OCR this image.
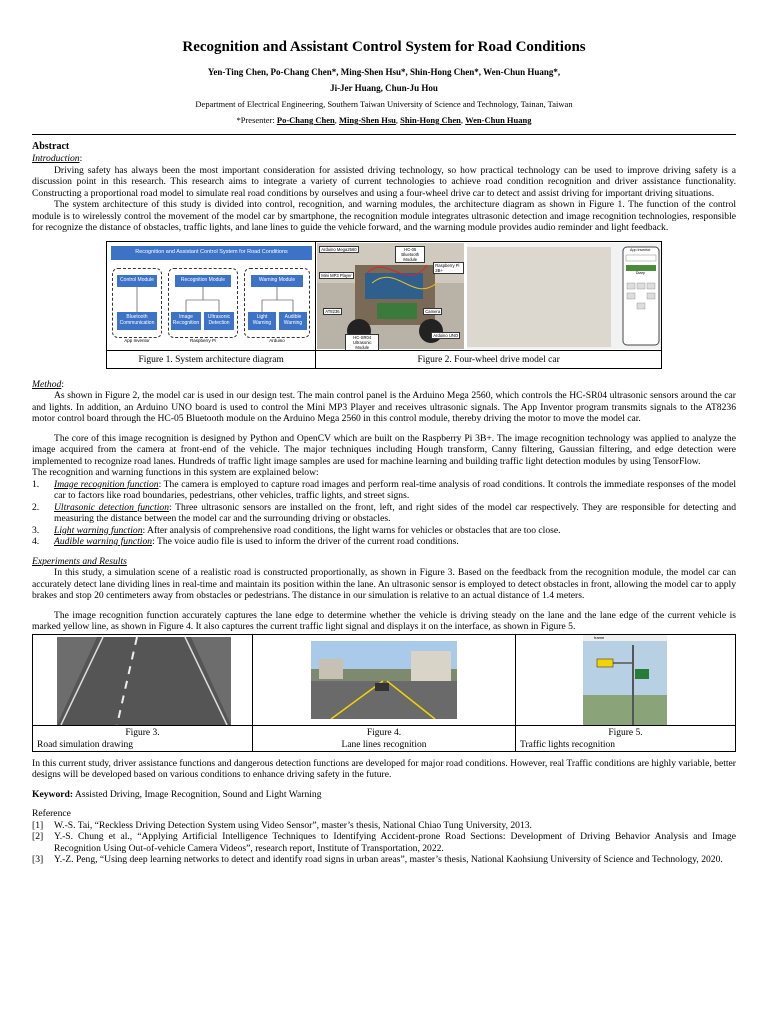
Recognition and Assistant Control System for Road Conditions
Yen-Ting Chen, Po-Chang Chen*, Ming-Shen Hsu*, Shin-Hong Chen*, Wen-Chun Huang*,
Ji-Jer Huang, Chun-Ju Hou
Department of Electrical Engineering, Southern Taiwan University of Science and Technology, Tainan, Taiwan
*Presenter: Po-Chang Chen, Ming-Shen Hsu, Shin-Hong Chen, Wen-Chun Huang
Abstract
Introduction:
Driving safety has always been the most important consideration for assisted driving technology, so how practical technology can be used to improve driving safety is a discussion point in this research. This research aims to integrate a variety of current technologies to achieve road condition recognition and driver assistance functionality. Constructing a proportional road model to simulate real road conditions by ourselves and using a four-wheel drive car to detect and assist driving for important driving situations.
The system architecture of this study is divided into control, recognition, and warning modules, the architecture diagram as shown in Figure 1. The function of the control module is to wirelessly control the movement of the model car by smartphone, the recognition module integrates ultrasonic detection and image recognition technologies, responsible for recognize the distance of obstacles, traffic lights, and lane lines to guide the vehicle forward, and the warning module provides audio reminder and light feedback.
Recognition and Assistant Control System for Road Conditions
Control Module	Recognition Module	Warning Module
Bluetooth Communication
Image Recognition
Ultrasonic Detection
Light Warning
Audible Warning
App Inventor	Raspberry Pi	Arduino
Figure 1. System architecture diagram
Arduino Mega2560	HC-05 Bluetooth Module
Raspberry Pi 3B+
Mini MP3 Player
AT8236	Camera
HC-SR04 Ultrasonic Module
Arduino UNO
App Inventor
Diary
Figure 2. Four-wheel drive model car
Method:
As shown in Figure 2, the model car is used in our design test. The main control panel is the Arduino Mega 2560, which controls the HC-SR04 ultrasonic sensors around the car and lights. In addition, an Arduino UNO board is used to control the Mini MP3 Player and receives ultrasonic signals. The App Inventor program transmits signals to the AT8236 motor control board through the HC-05 Bluetooth module on the Arduino Mega 2560 in this control module, thereby driving the motor to move the model car.
The core of this image recognition is designed by Python and OpenCV which are built on the Raspberry Pi 3B+. The image recognition technology was applied to analyze the image acquired from the camera at front-end of the vehicle. The major techniques including Hough transform, Canny filtering, Gaussian filtering, and edge detection were implemented to recognize road lanes. Hundreds of traffic light image samples are used for machine learning and building traffic light detection modules by using TensorFlow.
The recognition and warning functions in this system are explained below:
1. Image recognition function: The camera is employed to capture road images and perform real-time analysis of road conditions. It controls the immediate responses of the model car to factors like road boundaries, pedestrians, other vehicles, traffic lights, and street signs.
2. Ultrasonic detection function: Three ultrasonic sensors are installed on the front, left, and right sides of the model car respectively. They are responsible for detecting and measuring the distance between the model car and the surrounding driving or obstacles.
3. Light warning function: After analysis of comprehensive road conditions, the light warns for vehicles or obstacles that are too close.
4. Audible warning function: The voice audio file is used to inform the driver of the current road conditions.
Experiments and Results
In this study, a simulation scene of a realistic road is constructed proportionally, as shown in Figure 3. Based on the feedback from the recognition module, the model car can accurately detect lane dividing lines in real-time and maintain its position within the lane. An ultrasonic sensor is employed to detect obstacles in front, allowing the model car to apply brakes and stop 20 centimeters away from obstacles or pedestrians. The distance in our simulation is relative to an actual distance of 1.4 meters.
The image recognition function accurately captures the lane edge to determine whether the vehicle is driving steady on the lane and the lane edge of the current vehicle is marked yellow line, as shown in Figure 4. It also captures the current traffic light signal and displays it on the interface, as shown in Figure 5.
Figure 3.
Road simulation drawing
Figure 4.
Lane lines recognition
frame
Figure 5.
Traffic lights recognition
In this current study, driver assistance functions and dangerous detection functions are developed for major road conditions. However, real Traffic conditions are highly variable, better designs will be developed based on various conditions to enhance driving safety in the future.
Keyword: Assisted Driving, Image Recognition, Sound and Light Warning
Reference
[1] W.-S. Tai, “Reckless Driving Detection System using Video Sensor”, master’s thesis, National Chiao Tung University, 2013.
[2] Y.-S. Chung et al., “Applying Artificial Intelligence Techniques to Identifying Accident-prone Road Sections: Development of Driving Behavior Analysis and Image Recognition Using Out-of-vehicle Camera Videos”, research report, Institute of Transportation, 2022.
[3] Y.-Z. Peng, “Using deep learning networks to detect and identify road signs in urban areas”, master’s thesis, National Kaohsiung University of Science and Technology, 2020.
